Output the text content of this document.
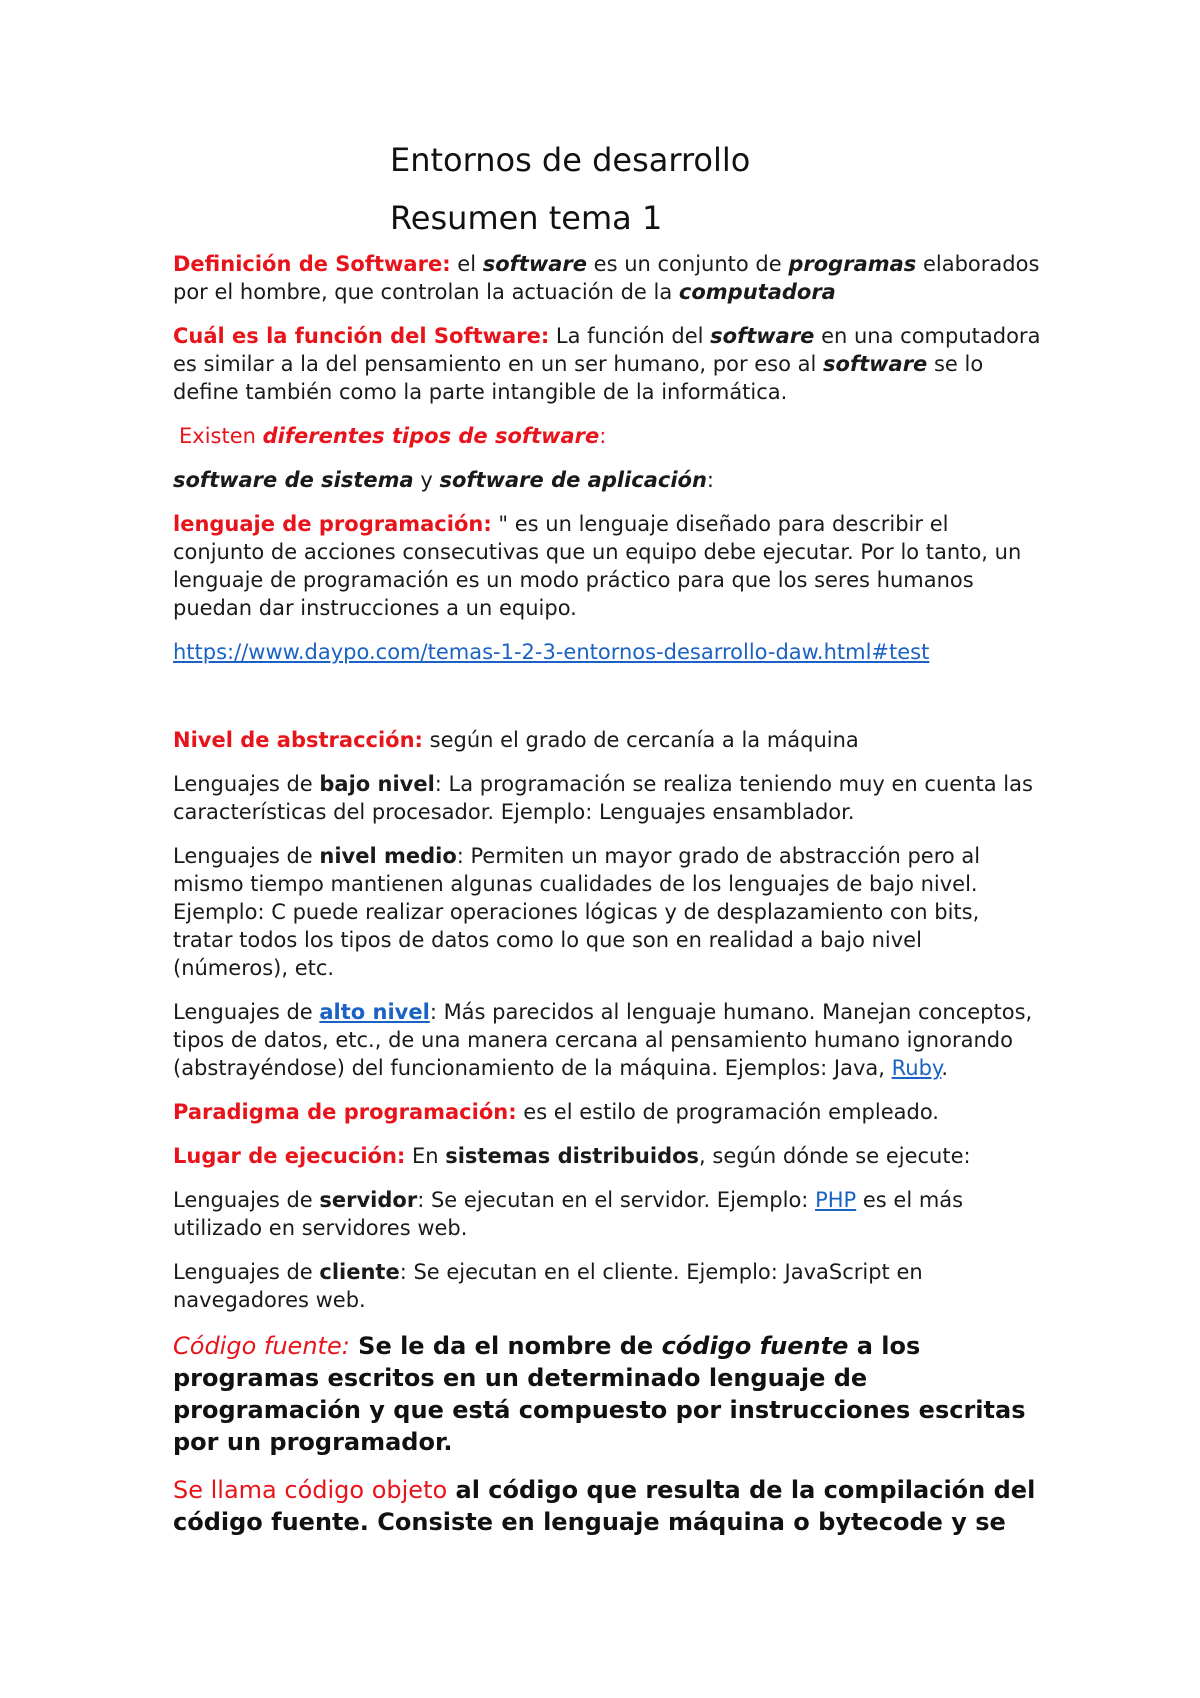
Entornos de desarrollo
Resumen tema 1

Definición de Software: el software es un conjunto de programas elaborados por el hombre, que controlan la actuación de la computadora

Cuál es la función del Software: La función del software en una computadora es similar a la del pensamiento en un ser humano, por eso al software se lo define también como la parte intangible de la informática.

Existen diferentes tipos de software:

software de sistema y software de aplicación:

lenguaje de programación: " es un lenguaje diseñado para describir el conjunto de acciones consecutivas que un equipo debe ejecutar. Por lo tanto, un lenguaje de programación es un modo práctico para que los seres humanos puedan dar instrucciones a un equipo.

https://www.daypo.com/temas-1-2-3-entornos-desarrollo-daw.html#test

Nivel de abstracción: según el grado de cercanía a la máquina

Lenguajes de bajo nivel: La programación se realiza teniendo muy en cuenta las características del procesador. Ejemplo: Lenguajes ensamblador.

Lenguajes de nivel medio: Permiten un mayor grado de abstracción pero al mismo tiempo mantienen algunas cualidades de los lenguajes de bajo nivel. Ejemplo: C puede realizar operaciones lógicas y de desplazamiento con bits, tratar todos los tipos de datos como lo que son en realidad a bajo nivel (números), etc.

Lenguajes de alto nivel: Más parecidos al lenguaje humano. Manejan conceptos, tipos de datos, etc., de una manera cercana al pensamiento humano ignorando (abstrayéndose) del funcionamiento de la máquina. Ejemplos: Java, Ruby.

Paradigma de programación: es el estilo de programación empleado.

Lugar de ejecución: En sistemas distribuidos, según dónde se ejecute:

Lenguajes de servidor: Se ejecutan en el servidor. Ejemplo: PHP es el más utilizado en servidores web.

Lenguajes de cliente: Se ejecutan en el cliente. Ejemplo: JavaScript en navegadores web.

Código fuente: Se le da el nombre de código fuente a los programas escritos en un determinado lenguaje de programación y que está compuesto por instrucciones escritas por un programador.

Se llama código objeto al código que resulta de la compilación del código fuente. Consiste en lenguaje máquina o bytecode y se
